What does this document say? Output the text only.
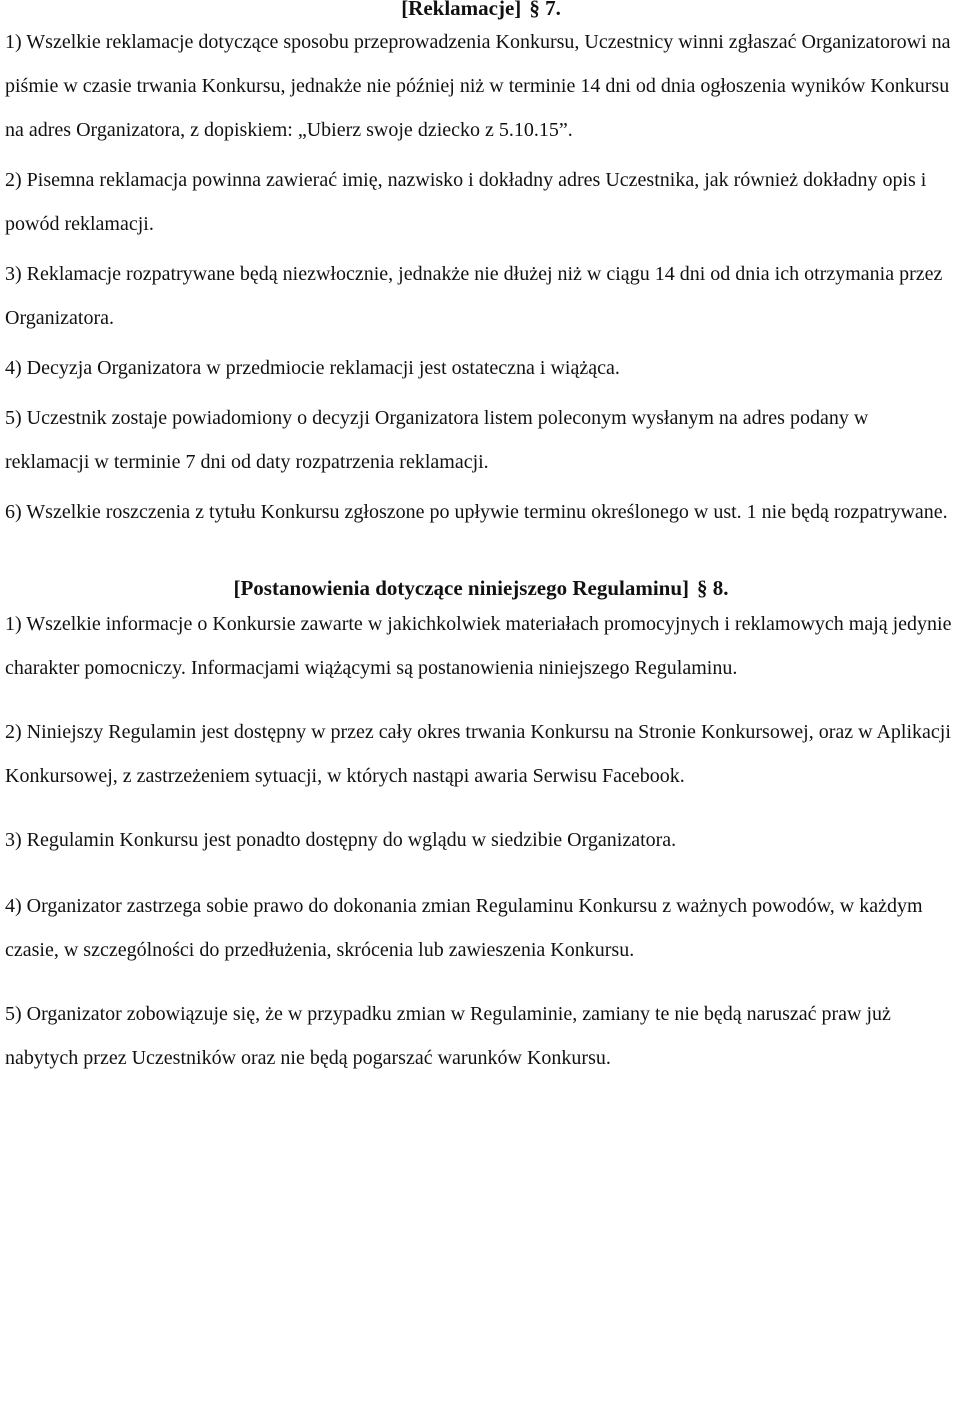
[Reklamacje] § 7.

1) Wszelkie reklamacje dotyczące sposobu przeprowadzenia Konkursu, Uczestnicy winni zgłaszać Organizatorowi na piśmie w czasie trwania Konkursu, jednakże nie później niż w terminie 14 dni od dnia ogłoszenia wyników Konkursu na adres Organizatora, z dopiskiem: „Ubierz swoje dziecko z 5.10.15”.

2) Pisemna reklamacja powinna zawierać imię, nazwisko i dokładny adres Uczestnika, jak również dokładny opis i powód reklamacji.

3) Reklamacje rozpatrywane będą niezwłocznie, jednakże nie dłużej niż w ciągu 14 dni od dnia ich otrzymania przez Organizatora.

4) Decyzja Organizatora w przedmiocie reklamacji jest ostateczna i wiążąca.

5) Uczestnik zostaje powiadomiony o decyzji Organizatora listem poleconym wysłanym na adres podany w reklamacji w terminie 7 dni od daty rozpatrzenia reklamacji.

6) Wszelkie roszczenia z tytułu Konkursu zgłoszone po upływie terminu określonego w ust. 1 nie będą rozpatrywane.

[Postanowienia dotyczące niniejszego Regulaminu] § 8.

1) Wszelkie informacje o Konkursie zawarte w jakichkolwiek materiałach promocyjnych i reklamowych mają jedynie charakter pomocniczy. Informacjami wiążącymi są postanowienia niniejszego Regulaminu.

2) Niniejszy Regulamin jest dostępny w przez cały okres trwania Konkursu na Stronie Konkursowej, oraz w Aplikacji Konkursowej, z zastrzeżeniem sytuacji, w których nastąpi awaria Serwisu Facebook.

3) Regulamin Konkursu jest ponadto dostępny do wglądu w siedzibie Organizatora.

4) Organizator zastrzega sobie prawo do dokonania zmian Regulaminu Konkursu z ważnych powodów, w każdym czasie, w szczególności do przedłużenia, skrócenia lub zawieszenia Konkursu.

5) Organizator zobowiązuje się, że w przypadku zmian w Regulaminie, zamiany te nie będą naruszać praw już nabytych przez Uczestników oraz nie będą pogarszać warunków Konkursu.
